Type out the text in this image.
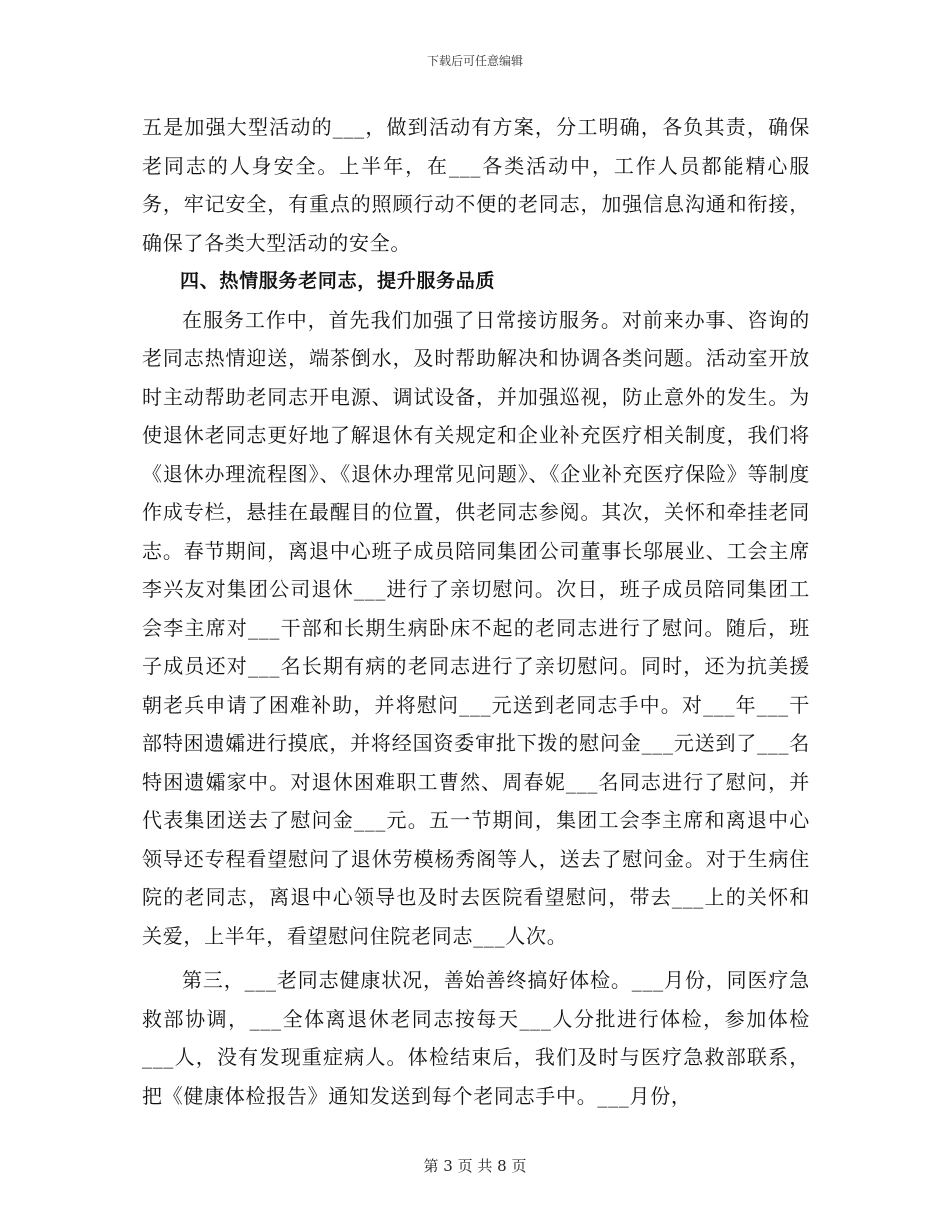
下载后可任意编辑

五是加强大型活动的___，做到活动有方案，分工明确，各负其责，确保老同志的人身安全。上半年，在___各类活动中，工作人员都能精心服务，牢记安全，有重点的照顾行动不便的老同志，加强信息沟通和衔接，确保了各类大型活动的安全。

四、热情服务老同志，提升服务品质

在服务工作中，首先我们加强了日常接访服务。对前来办事、咨询的老同志热情迎送，端茶倒水，及时帮助解决和协调各类问题。活动室开放时主动帮助老同志开电源、调试设备，并加强巡视，防止意外的发生。为使退休老同志更好地了解退休有关规定和企业补充医疗相关制度，我们将《退休办理流程图》、《退休办理常见问题》、《企业补充医疗保险》等制度作成专栏，悬挂在最醒目的位置，供老同志参阅。其次，关怀和牵挂老同志。春节期间，离退中心班子成员陪同集团公司董事长邬展业、工会主席李兴友对集团公司退休___进行了亲切慰问。次日，班子成员陪同集团工会李主席对___干部和长期生病卧床不起的老同志进行了慰问。随后，班子成员还对___名长期有病的老同志进行了亲切慰问。同时，还为抗美援朝老兵申请了困难补助，并将慰问___元送到老同志手中。对___年___干部特困遗孀进行摸底，并将经国资委审批下拨的慰问金___元送到了___名特困遗孀家中。对退休困难职工曹然、周春妮___名同志进行了慰问，并代表集团送去了慰问金___元。五一节期间，集团工会李主席和离退中心领导还专程看望慰问了退休劳模杨秀阁等人，送去了慰问金。对于生病住院的老同志，离退中心领导也及时去医院看望慰问，带去___上的关怀和关爱，上半年，看望慰问住院老同志___人次。

第三，___老同志健康状况，善始善终搞好体检。___月份，同医疗急救部协调，___全体离退休老同志按每天___人分批进行体检，参加体检___人，没有发现重症病人。体检结束后，我们及时与医疗急救部联系，把《健康体检报告》通知发送到每个老同志手中。___月份，

第 3 页 共 8 页
